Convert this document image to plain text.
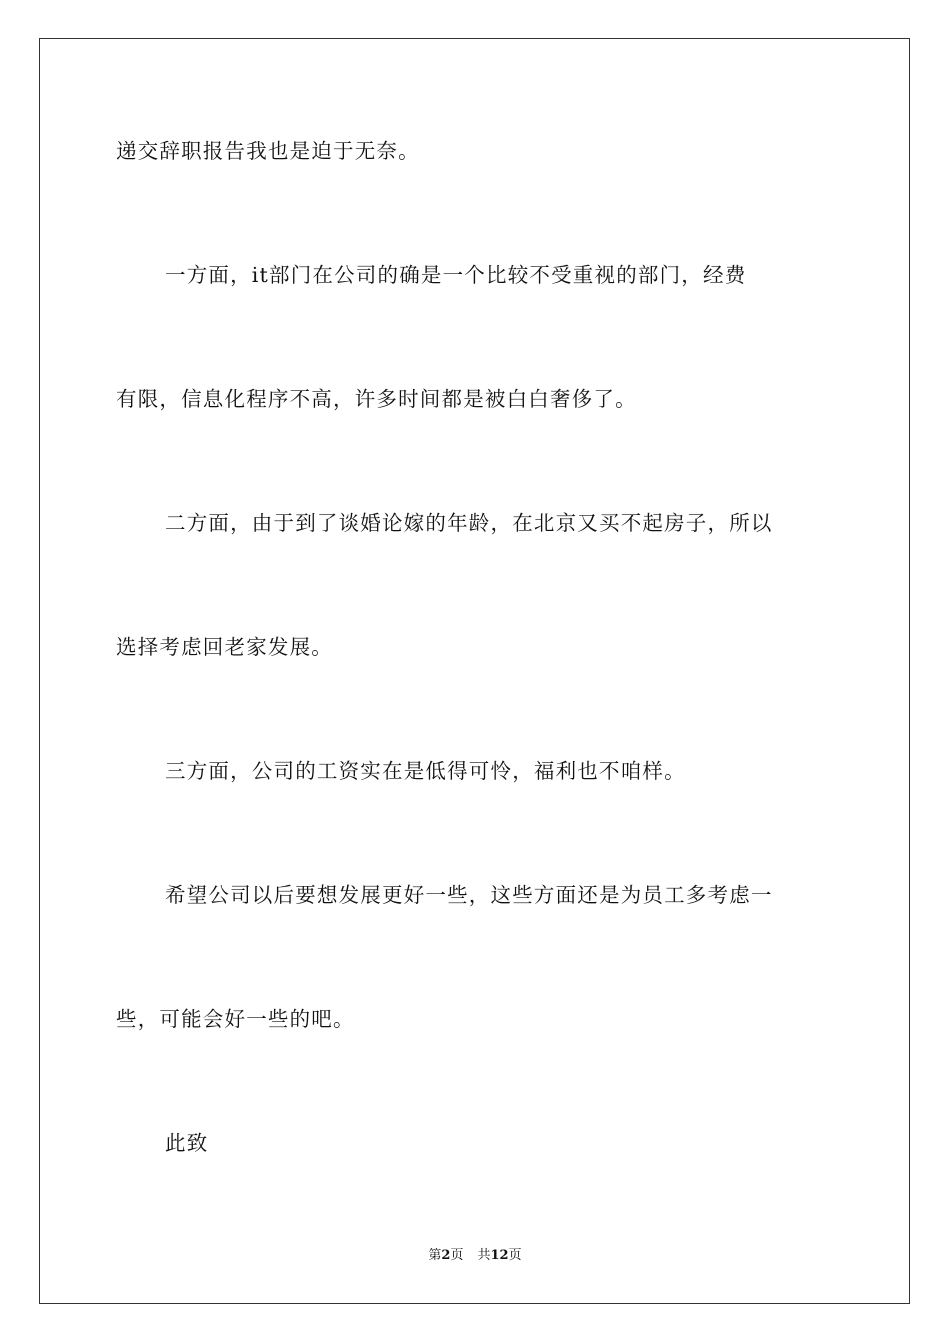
递交辞职报告我也是迫于无奈。

一方面，it部门在公司的确是一个比较不受重视的部门，经费

有限，信息化程序不高，许多时间都是被白白奢侈了。

二方面，由于到了谈婚论嫁的年龄，在北京又买不起房子，所以

选择考虑回老家发展。

三方面，公司的工资实在是低得可怜，福利也不咱样。

希望公司以后要想发展更好一些，这些方面还是为员工多考虑一

些，可能会好一些的吧。

此致

第2页 共12页
